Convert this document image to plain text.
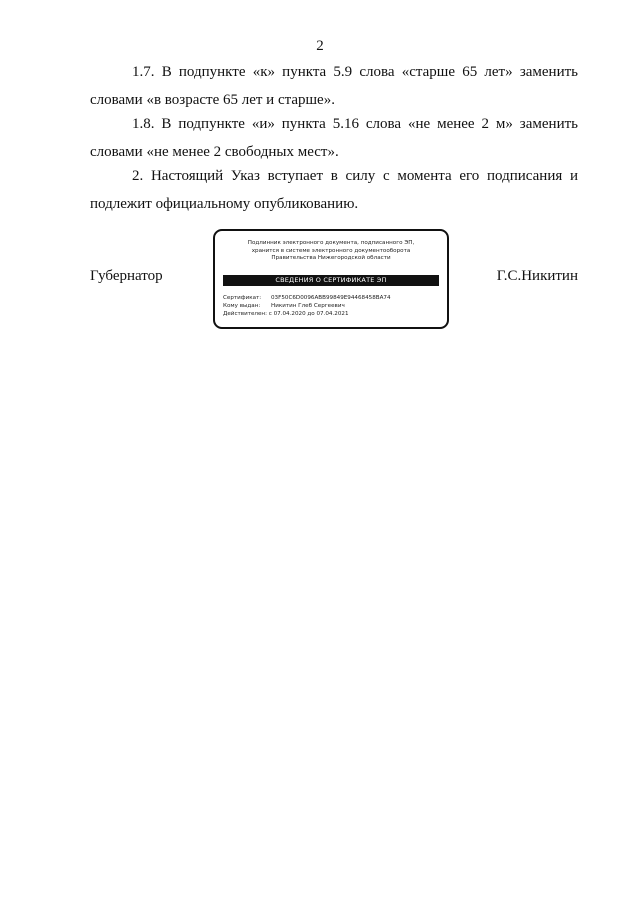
2

1.7. В подпункте «к» пункта 5.9 слова «старше 65 лет» заменить словами «в возрасте 65 лет и старше».

1.8. В подпункте «и» пункта 5.16 слова «не менее 2 м» заменить словами «не менее 2 свободных мест».

2. Настоящий Указ вступает в силу с момента его подписания и подлежит официальному опубликованию.

Губернатор
Подлинник электронного документа, подписанного ЭП,
хранится в системе электронного документооборота
Правительства Нижегородской области
СВЕДЕНИЯ О СЕРТИФИКАТЕ ЭП
Сертификат: 03F50C6D0096ABB99849E94468458BA74
Кому выдан: Никитин Глеб Сергеевич
Действителен: с 07.04.2020 до 07.04.2021
Г.С.Никитин
